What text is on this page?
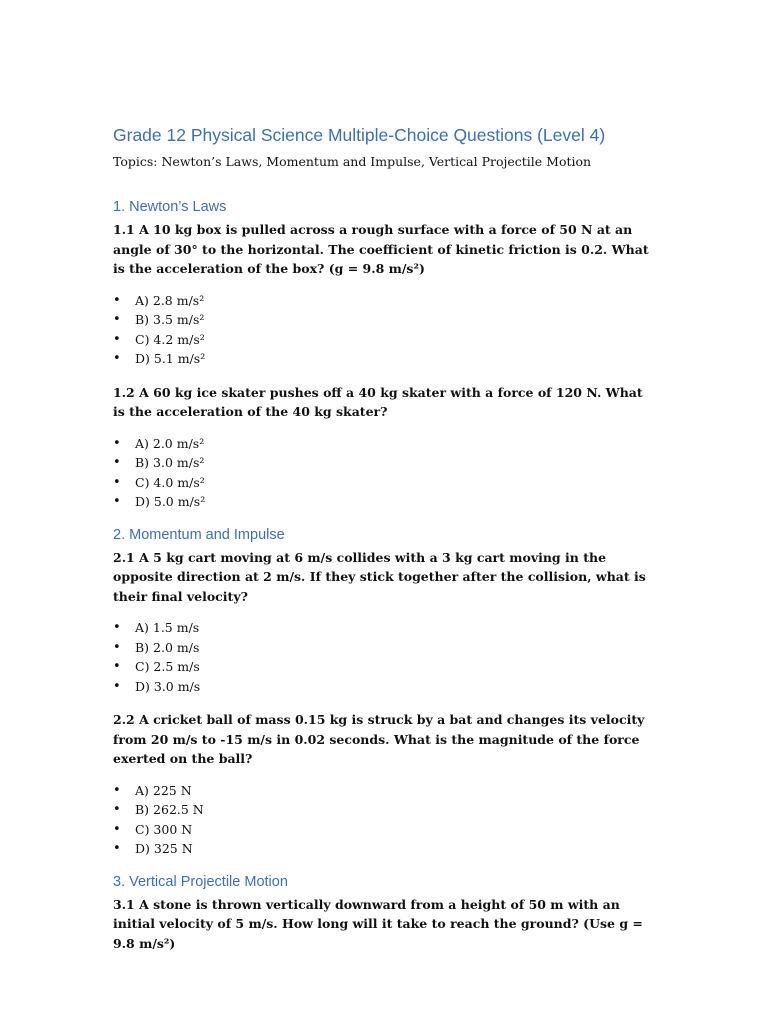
Grade 12 Physical Science Multiple-Choice Questions (Level 4)

Topics: Newton’s Laws, Momentum and Impulse, Vertical Projectile Motion

1. Newton’s Laws

1.1 A 10 kg box is pulled across a rough surface with a force of 50 N at an angle of 30° to the horizontal. The coefficient of kinetic friction is 0.2. What is the acceleration of the box? (g = 9.8 m/s²)

• A) 2.8 m/s²
• B) 3.5 m/s²
• C) 4.2 m/s²
• D) 5.1 m/s²

1.2 A 60 kg ice skater pushes off a 40 kg skater with a force of 120 N. What is the acceleration of the 40 kg skater?

• A) 2.0 m/s²
• B) 3.0 m/s²
• C) 4.0 m/s²
• D) 5.0 m/s²
2. Momentum and Impulse

2.1 A 5 kg cart moving at 6 m/s collides with a 3 kg cart moving in the opposite direction at 2 m/s. If they stick together after the collision, what is their final velocity?

• A) 1.5 m/s
• B) 2.0 m/s
• C) 2.5 m/s
• D) 3.0 m/s

2.2 A cricket ball of mass 0.15 kg is struck by a bat and changes its velocity from 20 m/s to -15 m/s in 0.02 seconds. What is the magnitude of the force exerted on the ball?

• A) 225 N
• B) 262.5 N
• C) 300 N
• D) 325 N
3. Vertical Projectile Motion

3.1 A stone is thrown vertically downward from a height of 50 m with an initial velocity of 5 m/s. How long will it take to reach the ground? (Use g = 9.8 m/s²)
